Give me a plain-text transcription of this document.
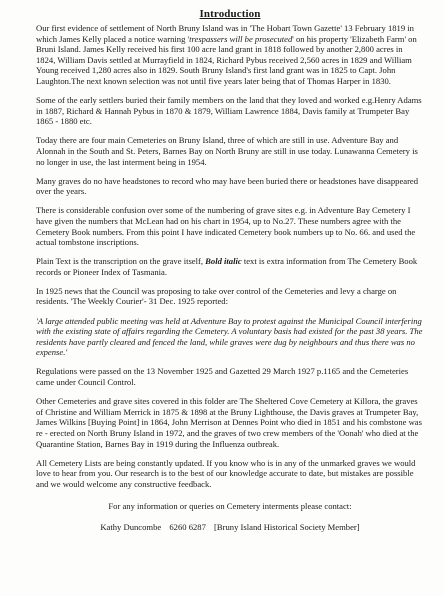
Introduction

Our first evidence of settlement of North Bruny Island was in 'The Hobart Town Gazette' 13 February 1819 in which James Kelly placed a notice warning 'trespassers will be prosecuted' on his property 'Elizabeth Farm' on Bruni Island. James Kelly received his first 100 acre land grant in 1818 followed by another 2,800 acres in 1824, William Davis settled at Murrayfield in 1824, Richard Pybus received 2,560 acres in 1829 and William Young received 1,280 acres also in 1829. South Bruny Island's first land grant was in 1825 to Capt. John Laughton.The next known selection was not until five years later being that of Thomas Harper in 1830.

Some of the early settlers buried their family members on the land that they loved and worked e.g.Henry Adams in 1887, Richard & Hannah Pybus in 1870 & 1879, William Lawrence 1884, Davis family at Trumpeter Bay 1865 - 1880 etc.

Today there are four main Cemeteries on Bruny Island, three of which are still in use. Adventure Bay and Alonnah in the South and St. Peters, Barnes Bay on North Bruny are still in use today. Lunawanna Cemetery is no longer in use, the last interment being in 1954.

Many graves do no have headstones to record who may have been buried there or headstones have disappeared over the years.

There is considerable confusion over some of the numbering of grave sites e.g. in Adventure Bay Cemetery I have given the numbers that McLean had on his chart in 1954, up to No.27. These numbers agree with the Cemetery Book numbers. From this point I have indicated Cemetery book numbers up to No. 66. and used the actual tombstone inscriptions.

Plain Text is the transcription on the grave itself, Bold italic text is extra information from The Cemetery Book records or Pioneer Index of Tasmania.

In 1925 news that the Council was proposing to take over control of the Cemeteries and levy a charge on residents. 'The Weekly Courier'- 31 Dec. 1925 reported:

'A large attended public meeting was held at Adventure Bay to protest against the Municipal Council interfering with the existing state of affairs regarding the Cemetery. A voluntary basis had existed for the past 38 years. The residents have partly cleared and fenced the land, while graves were dug by neighbours and thus there was no expense.'

Regulations were passed on the 13 November 1925 and Gazetted 29 March 1927 p.1165 and the Cemeteries came under Council Control.

Other Cemeteries and grave sites covered in this folder are The Sheltered Cove Cemetery at Killora, the graves of Christine and William Merrick in 1875 & 1898 at the Bruny Lighthouse, the Davis graves at Trumpeter Bay, James Wilkins [Buying Point] in 1864, John Merrison at Dennes Point who died in 1851 and his combstone was re - erected on North Bruny Island in 1972, and the graves of two crew members of the 'Oonah' who died at the Quarantine Station, Barnes Bay in 1919 during the Influenza outbreak.

All Cemetery Lists are being constantly updated. If you know who is in any of the unmarked graves we would love to hear from you. Our research is to the best of our knowledge accurate to date, but mistakes are possible and we would welcome any constructive feedback.

For any information or queries on Cemetery interments please contact:
Kathy Duncombe 6260 6287 [Bruny Island Historical Society Member]
